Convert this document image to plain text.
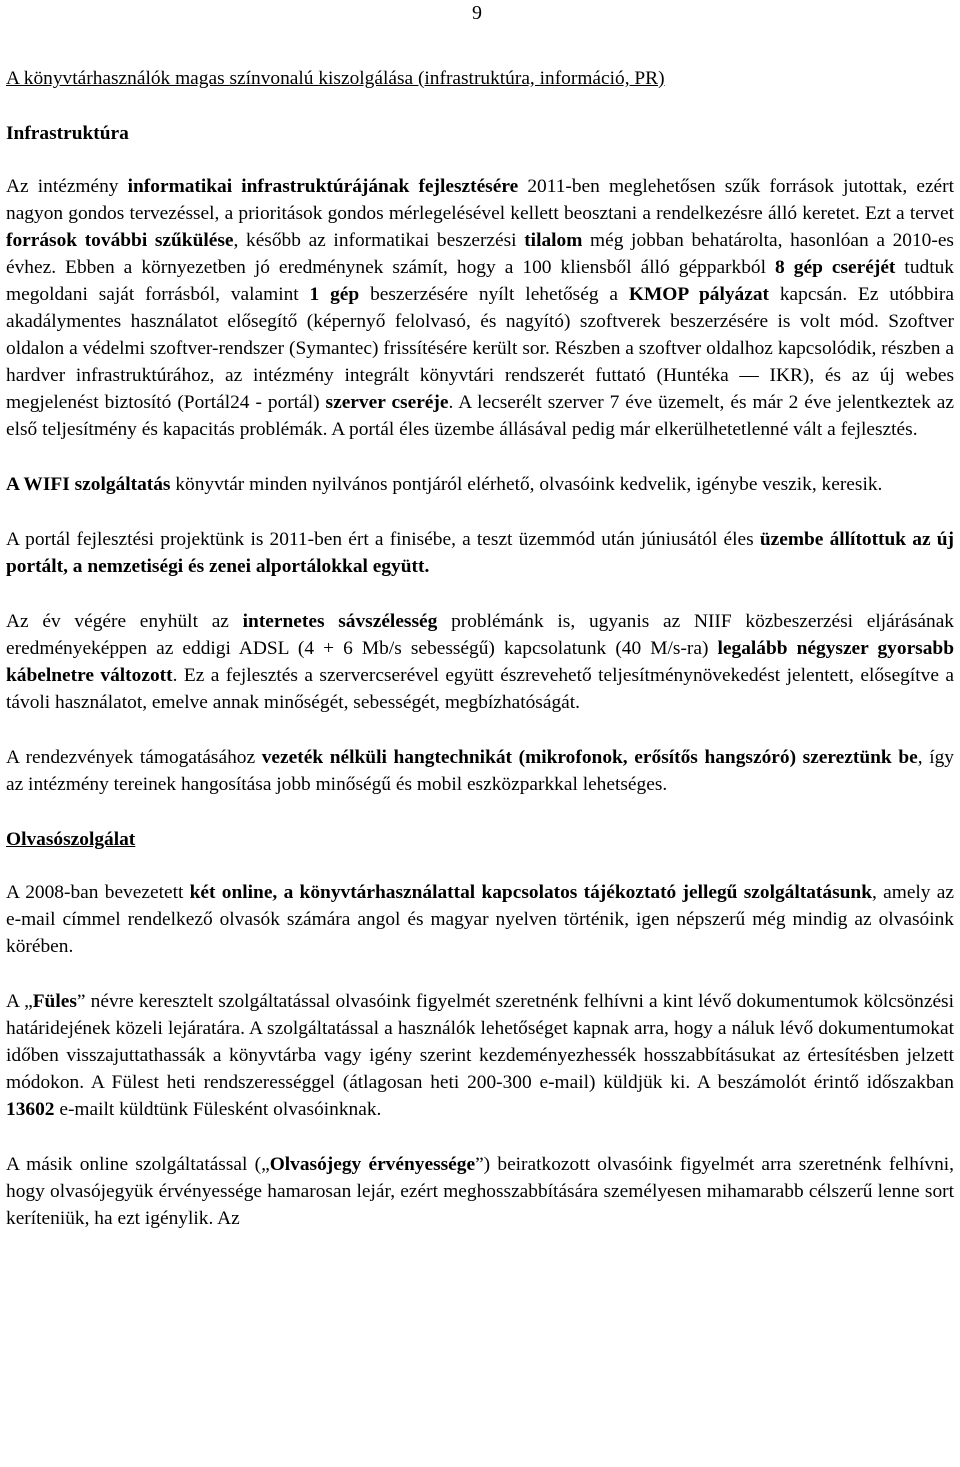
9
A könyvtárhasználók magas színvonalú kiszolgálása (infrastruktúra, információ, PR)
Infrastruktúra

Az intézmény informatikai infrastruktúrájának fejlesztésére 2011-ben meglehetősen szűk források jutottak, ezért nagyon gondos tervezéssel, a prioritások gondos mérlegelésével kellett beosztani a rendelkezésre álló keretet. Ezt a tervet források további szűkülése, később az informatikai beszerzési tilalom még jobban behatárolta, hasonlóan a 2010-es évhez. Ebben a környezetben jó eredménynek számít, hogy a 100 kliensből álló gépparkból 8 gép cseréjét tudtuk megoldani saját forrásból, valamint 1 gép beszerzésére nyílt lehetőség a KMOP pályázat kapcsán. Ez utóbbira akadálymentes használatot elősegítő (képernyő felolvasó, és nagyító) szoftverek beszerzésére is volt mód. Szoftver oldalon a védelmi szoftver-rendszer (Symantec) frissítésére került sor. Részben a szoftver oldalhoz kapcsolódik, részben a hardver infrastruktúrához, az intézmény integrált könyvtári rendszerét futtató (Huntéka — IKR), és az új webes megjelenést biztosító (Portál24 - portál) szerver cseréje. A lecserélt szerver 7 éve üzemelt, és már 2 éve jelentkeztek az első teljesítmény és kapacitás problémák. A portál éles üzembe állásával pedig már elkerülhetetlenné vált a fejlesztés.

A WIFI szolgáltatás könyvtár minden nyilvános pontjáról elérhető, olvasóink kedvelik, igénybe veszik, keresik.

A portál fejlesztési projektünk is 2011-ben ért a finisébe, a teszt üzemmód után júniusától éles üzembe állítottuk az új portált, a nemzetiségi és zenei alportálokkal együtt.

Az év végére enyhült az internetes sávszélesség problémánk is, ugyanis az NIIF közbeszerzési eljárásának eredményeképpen az eddigi ADSL (4 + 6 Mb/s sebességű) kapcsolatunk (40 M/s-ra) legalább négyszer gyorsabb kábelnetre változott. Ez a fejlesztés a szervercserével együtt észrevehető teljesítménynövekedést jelentett, elősegítve a távoli használatot, emelve annak minőségét, sebességét, megbízhatóságát.

A rendezvények támogatásához vezeték nélküli hangtechnikát (mikrofonok, erősítős hangszóró) szereztünk be, így az intézmény tereinek hangosítása jobb minőségű és mobil eszközparkkal lehetséges.

Olvasószolgálat

A 2008-ban bevezetett két online, a könyvtárhasználattal kapcsolatos tájékoztató jellegű szolgáltatásunk, amely az e-mail címmel rendelkező olvasók számára angol és magyar nyelven történik, igen népszerű még mindig az olvasóink körében.

A „Füles” névre keresztelt szolgáltatással olvasóink figyelmét szeretnénk felhívni a kint lévő dokumentumok kölcsönzési határidejének közeli lejáratára. A szolgáltatással a használók lehetőséget kapnak arra, hogy a náluk lévő dokumentumokat időben visszajuttathassák a könyvtárba vagy igény szerint kezdeményezhessék hosszabbításukat az értesítésben jelzett módokon. A Fülest heti rendszerességgel (átlagosan heti 200-300 e-mail) küldjük ki. A beszámolót érintő időszakban 13602 e-mailt küldtünk Fülesként olvasóinknak.

A másik online szolgáltatással („Olvasójegy érvényessége”) beiratkozott olvasóink figyelmét arra szeretnénk felhívni, hogy olvasójegyük érvényessége hamarosan lejár, ezért meghosszabbítására személyesen mihamarabb célszerű lenne sort keríteniük, ha ezt igénylik. Az
